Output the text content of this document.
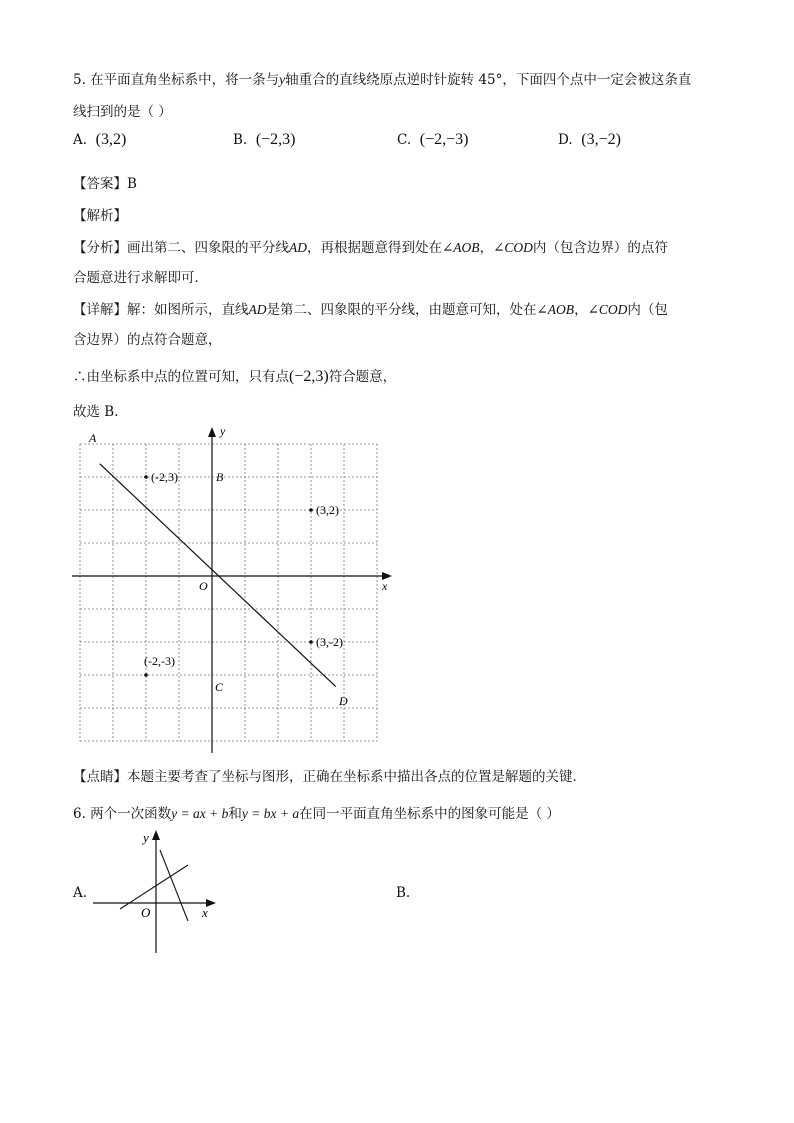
5. 在平面直角坐标系中，将一条与y轴重合的直线绕原点逆时针旋转 45°，下面四个点中一定会被这条直
线扫到的是（ ）
A. (3,2)	B. (−2,3)	C. (−2,−3)	D. (3,−2)
【答案】B
【解析】
【分析】画出第二、四象限的平分线AD，再根据题意得到处在∠AOB，∠COD内（包含边界）的点符
合题意进行求解即可．
【详解】解：如图所示，直线AD是第二、四象限的平分线，由题意可知，处在∠AOB，∠COD内（包
含边界）的点符合题意，
∴由坐标系中点的位置可知，只有点(−2,3)符合题意，
故选 B．
y
x
O
A
B
C
D
(-2,3)
(3,2)
(3,-2)
(-2,-3)
【点睛】本题主要考查了坐标与图形，正确在坐标系中描出各点的位置是解题的关键．
6. 两个一次函数y = ax + b和y = bx + a在同一平面直角坐标系中的图象可能是（ ）
A.	B.
y
x
O
